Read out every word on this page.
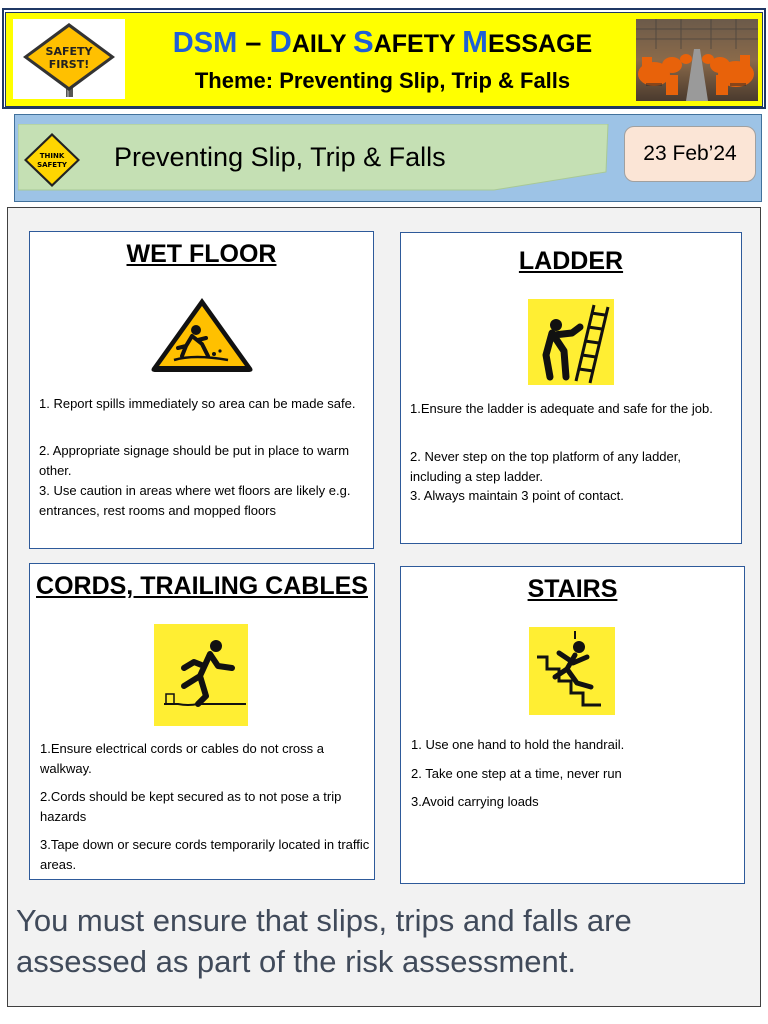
SAFETY
FIRST!
DSM – DAILY SAFETY MESSAGE
Theme: Preventing Slip, Trip & Falls
THINK
SAFETY Preventing Slip, Trip & Falls	23 Feb’24
WET FLOOR
1. Report spills immediately so area can be made safe.
2. Appropriate signage should be put in place to warm other.
3. Use caution in areas where wet floors are likely e.g. entrances, rest rooms and mopped floors
LADDER
1.Ensure the ladder is adequate and safe for the job.
2. Never step on the top platform of any ladder, including a step ladder.
3. Always maintain 3 point of contact.
CORDS, TRAILING CABLES
1.Ensure electrical cords or cables do not cross a walkway.
2.Cords should be kept secured as to not pose a trip hazards
3.Tape down or secure cords temporarily located in traffic areas.
STAIRS
1. Use one hand to hold the handrail.
2. Take one step at a time, never run
3.Avoid carrying loads
You must ensure that slips, trips and falls are assessed as part of the risk assessment.
